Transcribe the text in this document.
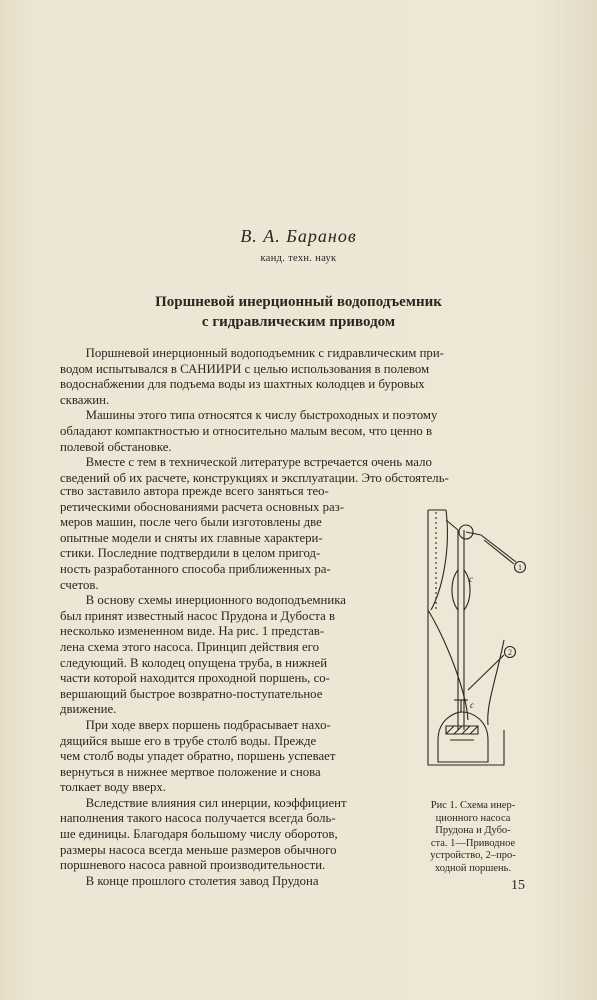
В. А. Баранов
канд. техн. наук
Поршневой инерционный водоподъемник
с гидравлическим приводом
Поршневой инерционный водоподъемник с гидравлическим при-
водом испытывался в САНИИРИ с целью использования в полевом
водоснабжении для подъема воды из шахтных колодцев и буровых
скважин.
Машины этого типа относятся к числу быстроходных и поэтому
обладают компактностью и относительно малым весом, что ценно в
полевой обстановке.
Вместе с тем в технической литературе встречается очень мало
сведений об их расчете, конструкциях и эксплуатации. Это обстоятель-
ство заставило автора прежде всего заняться тео-
ретическими обоснованиями расчета основных раз-
меров машин, после чего были изготовлены две
опытные модели и сняты их главные характери-
стики. Последние подтвердили в целом пригод-
ность разработанного способа приближенных ра-
счетов.
В основу схемы инерционного водоподъемника
был принят известный насос Прудона и Дубоста в
несколько измененном виде. На рис. 1 представ-
лена схема этого насоса. Принцип действия его
следующий. В колодец опущена труба, в нижней
части которой находится проходной поршень, со-
вершающий быстрое возвратно-поступательное
движение.
При ходе вверх поршень подбрасывает нахо-
дящийся выше его в трубе столб воды. Прежде
чем столб воды упадет обратно, поршень успевает
вернуться в нижнее мертвое положение и снова
толкает воду вверх.
Вследствие влияния сил инерции, коэффициент
наполнения такого насоса получается всегда боль-
ше единицы. Благодаря большому числу оборотов,
размеры насоса всегда меньше размеров обычного
поршневого насоса равной производительности.
В конце прошлого столетия завод Прудона
1
2
с
с
Рис 1. Схема инер-
ционного насоса
Прудона и Дубо-
ста. 1—Приводное
устройство, 2–про-
ходной поршень.
15
